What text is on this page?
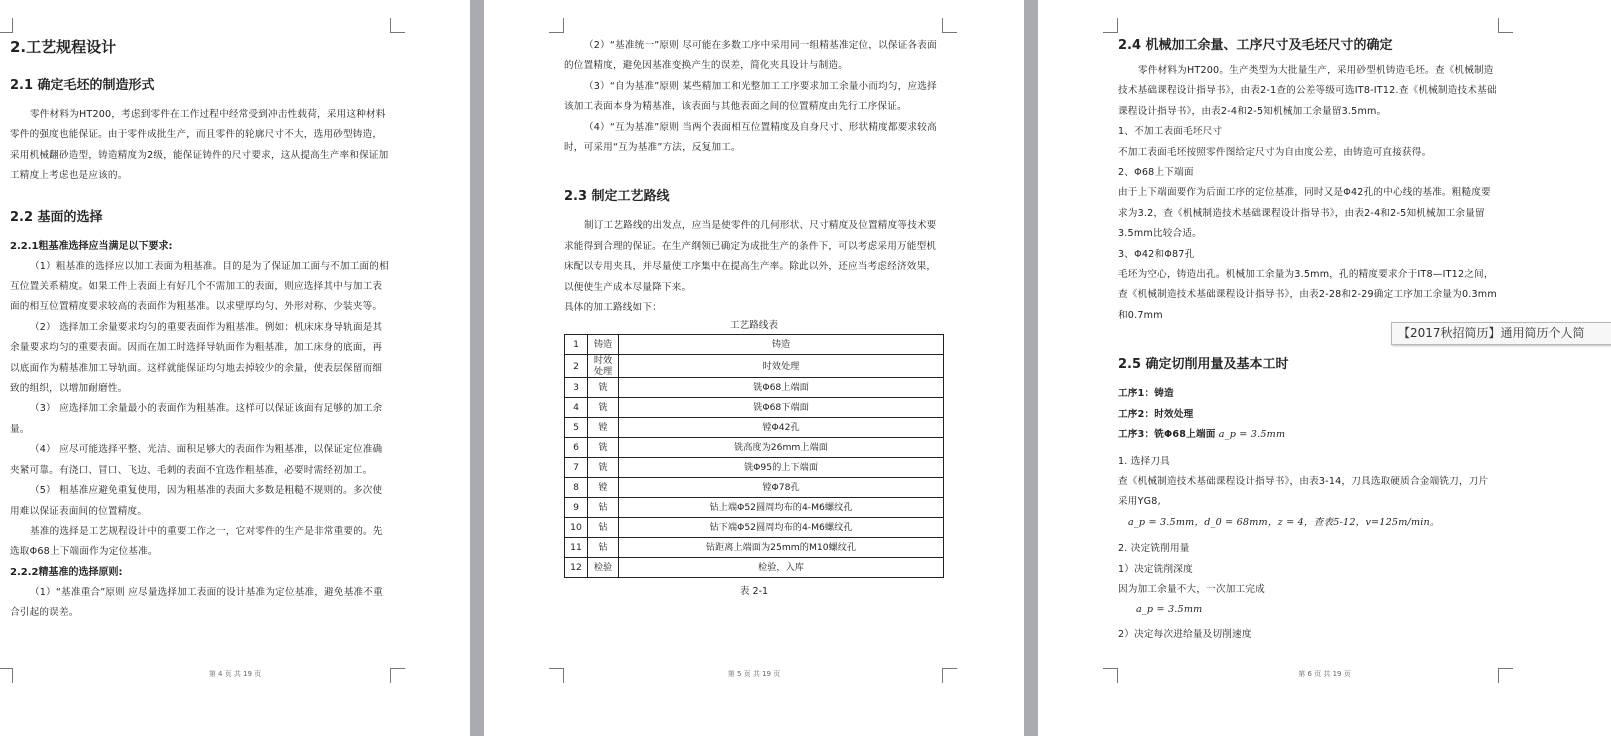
2.工艺规程设计
2.1 确定毛坯的制造形式

零件材料为HT200，考虑到零件在工作过程中经常受到冲击性载荷，采用这种材料零件的强度也能保证。由于零件成批生产，而且零件的轮廓尺寸不大，选用砂型铸造，采用机械翻砂造型，铸造精度为2级，能保证铸件的尺寸要求，这从提高生产率和保证加工精度上考虑也是应该的。

2.2 基面的选择
2.2.1粗基准选择应当满足以下要求:

（1）粗基准的选择应以加工表面为粗基准。目的是为了保证加工面与不加工面的相互位置关系精度。如果工件上表面上有好几个不需加工的表面，则应选择其中与加工表面的相互位置精度要求较高的表面作为粗基准。以求壁厚均匀、外形对称、少装夹等。

（2） 选择加工余量要求均匀的重要表面作为粗基准。例如：机床床身导轨面是其余量要求均匀的重要表面。因而在加工时选择导轨面作为粗基准，加工床身的底面，再以底面作为精基准加工导轨面。这样就能保证均匀地去掉较少的余量，使表层保留而细致的组织，以增加耐磨性。

（3） 应选择加工余量最小的表面作为粗基准。这样可以保证该面有足够的加工余量。

（4） 应尽可能选择平整、光洁、面积足够大的表面作为粗基准，以保证定位准确夹紧可靠。有浇口、冒口、飞边、毛刺的表面不宜选作粗基准，必要时需经初加工。

（5） 粗基准应避免重复使用，因为粗基准的表面大多数是粗糙不规则的。多次使用难以保证表面间的位置精度。

基准的选择是工艺规程设计中的重要工作之一，它对零件的生产是非常重要的。先选取Φ68上下端面作为定位基准。

2.2.2精基准的选择原则:

（1）“基准重合”原则 应尽量选择加工表面的设计基准为定位基准，避免基准不重合引起的误差。

第 4 页 共 19 页

（2）“基准统一”原则 尽可能在多数工序中采用同一组精基准定位，以保证各表面的位置精度，避免因基准变换产生的误差，简化夹具设计与制造。

（3）“自为基准”原则 某些精加工和光整加工工序要求加工余量小而均匀，应选择该加工表面本身为精基准，该表面与其他表面之间的位置精度由先行工序保证。

（4）“互为基准”原则 当两个表面相互位置精度及自身尺寸、形状精度都要求较高时，可采用“互为基准”方法，反复加工。

2.3 制定工艺路线

制订工艺路线的出发点，应当是使零件的几何形状、尺寸精度及位置精度等技术要求能得到合理的保证。在生产纲领已确定为成批生产的条件下，可以考虑采用万能型机床配以专用夹具，并尽量使工序集中在提高生产率。除此以外，还应当考虑经济效果，以便使生产成本尽量降下来。

具体的加工路线如下：

工艺路线表
1	铸造	铸造
2	时效处理	时效处理
3	铣	铣Φ68上端面
4	铣	铣Φ68下端面
5	镗	镗Φ42孔
6	铣	铣高度为26mm上端面
7	铣	铣Φ95的上下端面
8	镗	镗Φ78孔
9	钻	钻上端Φ52圆周均布的4-M6螺纹孔
10	钻	钻下端Φ52圆周均布的4-M6螺纹孔
11	钻	钻距离上端面为25mm的M10螺纹孔
12	检验	检验，入库
表 2-1
第 5 页 共 19 页
2.4 机械加工余量、工序尺寸及毛坯尺寸的确定

零件材料为HT200。生产类型为大批量生产，采用砂型机铸造毛坯。查《机械制造技术基础课程设计指导书》，由表2-1查的公差等级可选IT8-IT12.查《机械制造技术基础课程设计指导书》，由表2-4和2-5知机械加工余量留3.5mm。

1、不加工表面毛坯尺寸

不加工表面毛坯按照零件图给定尺寸为自由度公差，由铸造可直接获得。

2、Φ68上下端面

由于上下端面要作为后面工序的定位基准，同时又是Φ42孔的中心线的基准。粗糙度要求为3.2，查《机械制造技术基础课程设计指导书》，由表2-4和2-5知机械加工余量留3.5mm比较合适。

3、Φ42和Φ87孔

毛坯为空心，铸造出孔。机械加工余量为3.5mm，孔的精度要求介于IT8—IT12之间，查《机械制造技术基础课程设计指导书》，由表2-28和2-29确定工序加工余量为0.3mm和0.7mm

2.5 确定切削用量及基本工时

工序1：铸造

工序2：时效处理

工序3：铣Φ68上端面 a_p = 3.5mm

1. 选择刀具

查《机械制造技术基础课程设计指导书》，由表3-14，刀具选取硬质合金端铣刀，刀片采用YG8,

a_p = 3.5mm，d_0 = 68mm，z = 4，查表5-12，v=125m/min。

2. 决定铣削用量

1）决定铣削深度

因为加工余量不大，一次加工完成

a_p = 3.5mm

2）决定每次进给量及切削速度

第 6 页 共 19 页
【2017秋招简历】通用简历个人简
